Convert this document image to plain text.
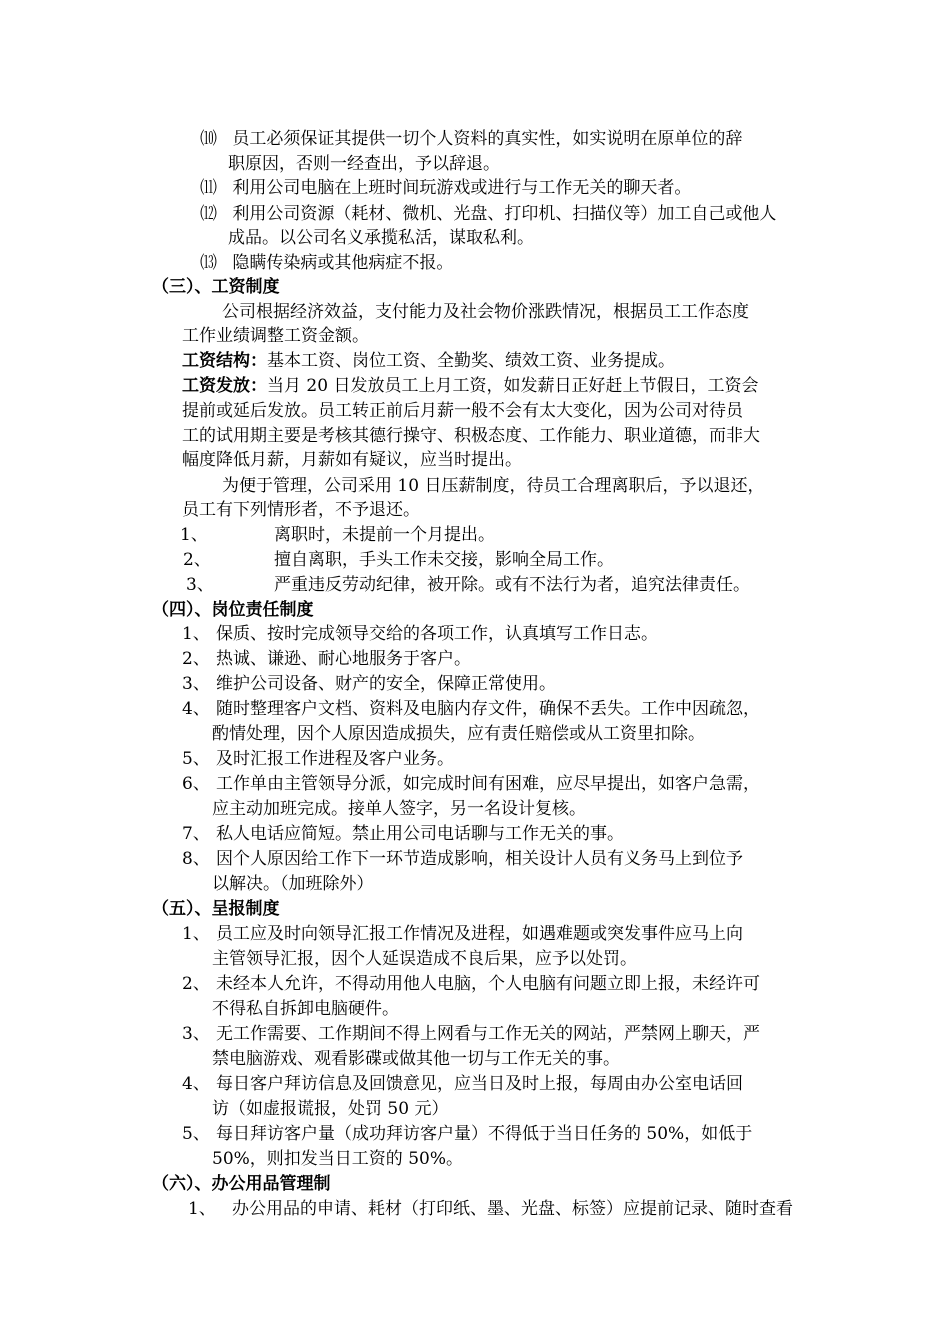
⑽ 员工必须保证其提供一切个人资料的真实性，如实说明在原单位的辞
职原因，否则一经查出，予以辞退。
⑾ 利用公司电脑在上班时间玩游戏或进行与工作无关的聊天者。
⑿ 利用公司资源（耗材、微机、光盘、打印机、扫描仪等）加工自己或他人
成品。以公司名义承揽私活，谋取私利。
⒀ 隐瞒传染病或其他病症不报。
（三）、工资制度
公司根据经济效益，支付能力及社会物价涨跌情况，根据员工工作态度
工作业绩调整工资金额。
工资结构：基本工资、岗位工资、全勤奖、绩效工资、业务提成。
工资发放：当月 20 日发放员工上月工资，如发薪日正好赶上节假日，工资会
提前或延后发放。员工转正前后月薪一般不会有太大变化，因为公司对待员
工的试用期主要是考核其德行操守、积极态度、工作能力、职业道德，而非大
幅度降低月薪，月薪如有疑议，应当时提出。
为便于管理，公司采用 10 日压薪制度，待员工合理离职后，予以退还，
员工有下列情形者，不予退还。
1、	离职时，未提前一个月提出。
2、	擅自离职，手头工作未交接，影响全局工作。
3、	严重违反劳动纪律，被开除。或有不法行为者，追究法律责任。
（四）、岗位责任制度
1、 保质、按时完成领导交给的各项工作，认真填写工作日志。
2、 热诚、谦逊、耐心地服务于客户。
3、 维护公司设备、财产的安全，保障正常使用。
4、 随时整理客户文档、资料及电脑内存文件，确保不丢失。工作中因疏忽，
酌情处理，因个人原因造成损失，应有责任赔偿或从工资里扣除。
5、 及时汇报工作进程及客户业务。
6、 工作单由主管领导分派，如完成时间有困难，应尽早提出，如客户急需，
应主动加班完成。接单人签字，另一名设计复核。
7、 私人电话应简短。禁止用公司电话聊与工作无关的事。
8、 因个人原因给工作下一环节造成影响，相关设计人员有义务马上到位予
以解决。（加班除外）
（五）、呈报制度
1、 员工应及时向领导汇报工作情况及进程，如遇难题或突发事件应马上向
主管领导汇报，因个人延误造成不良后果，应予以处罚。
2、 未经本人允许，不得动用他人电脑，个人电脑有问题立即上报，未经许可
不得私自拆卸电脑硬件。
3、 无工作需要、工作期间不得上网看与工作无关的网站，严禁网上聊天，严
禁电脑游戏、观看影碟或做其他一切与工作无关的事。
4、 每日客户拜访信息及回馈意见，应当日及时上报，每周由办公室电话回
访（如虚报谎报，处罚 50 元）
5、 每日拜访客户量（成功拜访客户量）不得低于当日任务的 50%，如低于
50%，则扣发当日工资的 50%。
（六）、办公用品管理制
1、 办公用品的申请、耗材（打印纸、墨、光盘、标签）应提前记录、随时查看
